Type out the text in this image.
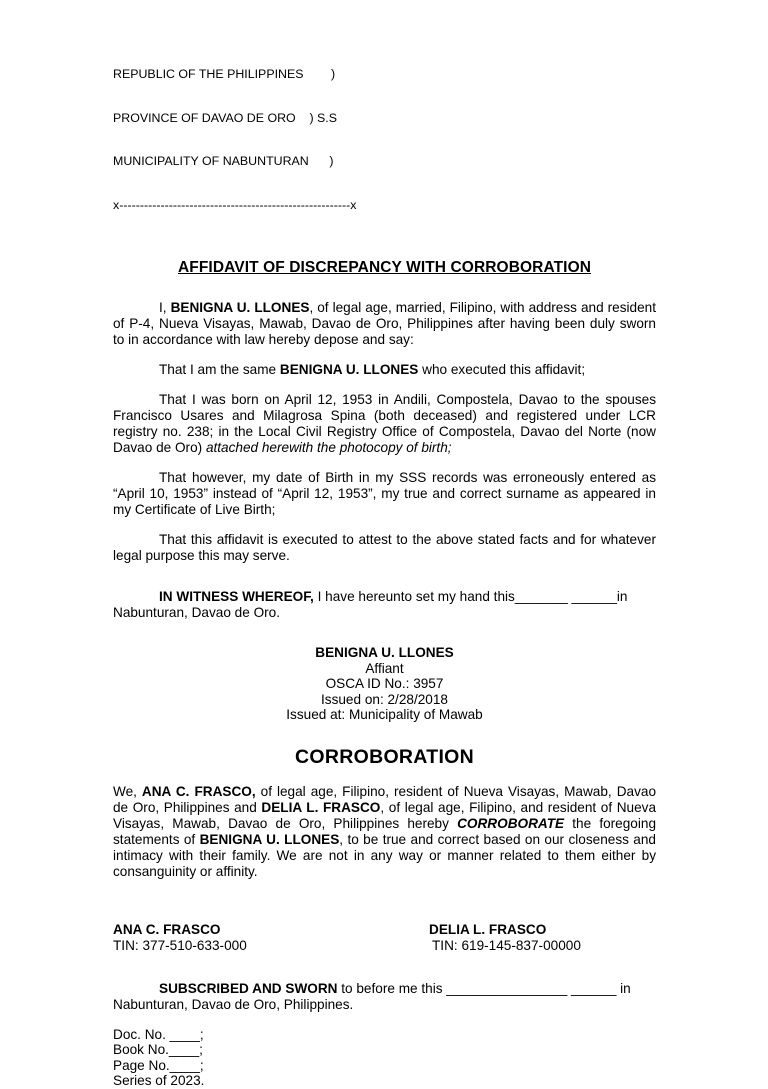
REPUBLIC OF THE PHILIPPINES        )

PROVINCE OF DAVAO DE ORO    ) S.S

MUNICIPALITY OF NABUNTURAN      )

x--------------------------------------------------------x

AFFIDAVIT OF DISCREPANCY WITH CORROBORATION

I, BENIGNA U. LLONES, of legal age, married, Filipino, with address and resident of P-4, Nueva Visayas, Mawab, Davao de Oro, Philippines after having been duly sworn to in accordance with law hereby depose and say:

That I am the same BENIGNA U. LLONES who executed this affidavit;

That I was born on April 12, 1953 in Andili, Compostela, Davao to the spouses Francisco Usares and Milagrosa Spina (both deceased) and registered under LCR registry no. 238; in the Local Civil Registry Office of Compostela, Davao del Norte (now Davao de Oro) attached herewith the photocopy of birth;

That however, my date of Birth in my SSS records was erroneously entered as “April 10, 1953” instead of “April 12, 1953”, my true and correct surname as appeared in my Certificate of Live Birth;

That this affidavit is executed to attest to the above stated facts and for whatever legal purpose this may serve.

IN WITNESS WHEREOF, I have hereunto set my hand this_______ ______in Nabunturan, Davao de Oro.

BENIGNA U. LLONES
Affiant
OSCA ID No.: 3957
Issued on: 2/28/2018
Issued at: Municipality of Mawab
CORROBORATION

We, ANA C. FRASCO, of legal age, Filipino, resident of Nueva Visayas, Mawab, Davao de Oro, Philippines and DELIA L. FRASCO, of legal age, Filipino, and resident of Nueva Visayas, Mawab, Davao de Oro, Philippines hereby CORROBORATE the foregoing statements of BENIGNA U. LLONES, to be true and correct based on our closeness and intimacy with their family. We are not in any way or manner related to them either by consanguinity or affinity.

ANA C. FRASCO
TIN: 377-510-633-000
DELIA L. FRASCO
TIN: 619-145-837-00000

SUBSCRIBED AND SWORN to before me this ________________ ______ in Nabunturan, Davao de Oro, Philippines.

Doc. No. ____;
Book No.____;
Page No.____;
Series of 2023.
